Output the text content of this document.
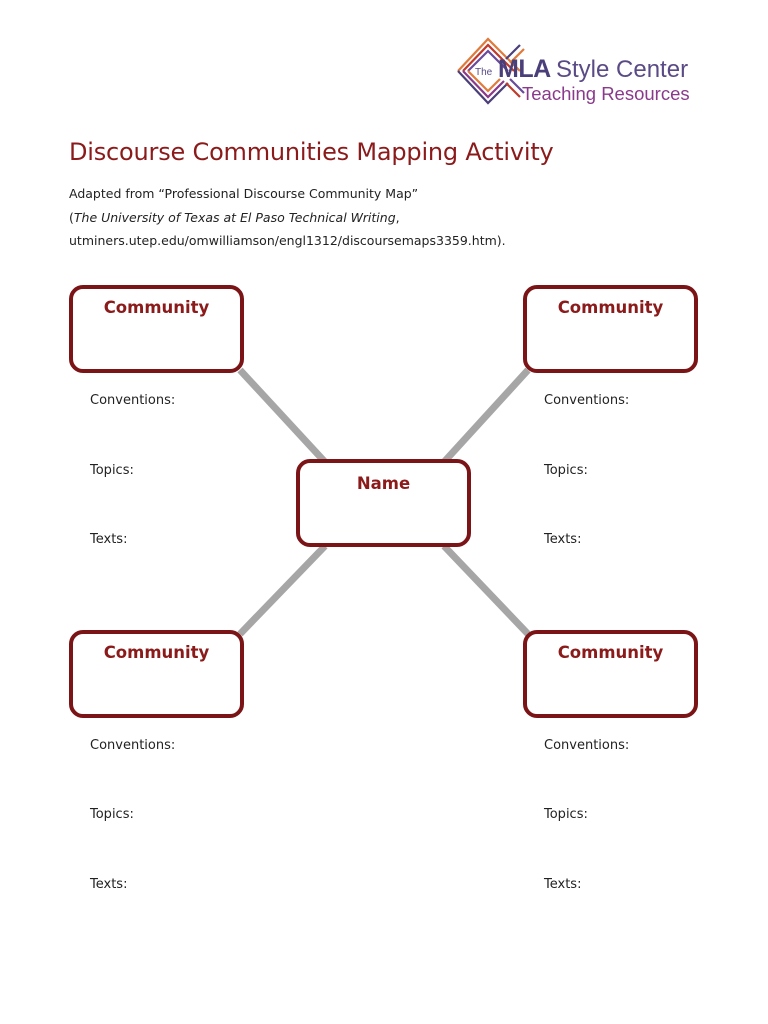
The MLA Style Center
Teaching Resources
Discourse Communities Mapping Activity
Adapted from “Professional Discourse Community Map”
(The University of Texas at El Paso Technical Writing,
utminers.utep.edu/omwilliamson/engl1312/discoursemaps3359.htm).
Name
Community
Conventions:
Topics:
Texts:
Community
Conventions:
Topics:
Texts:
Community
Conventions:
Topics:
Texts:
Community
Conventions:
Topics:
Texts:
